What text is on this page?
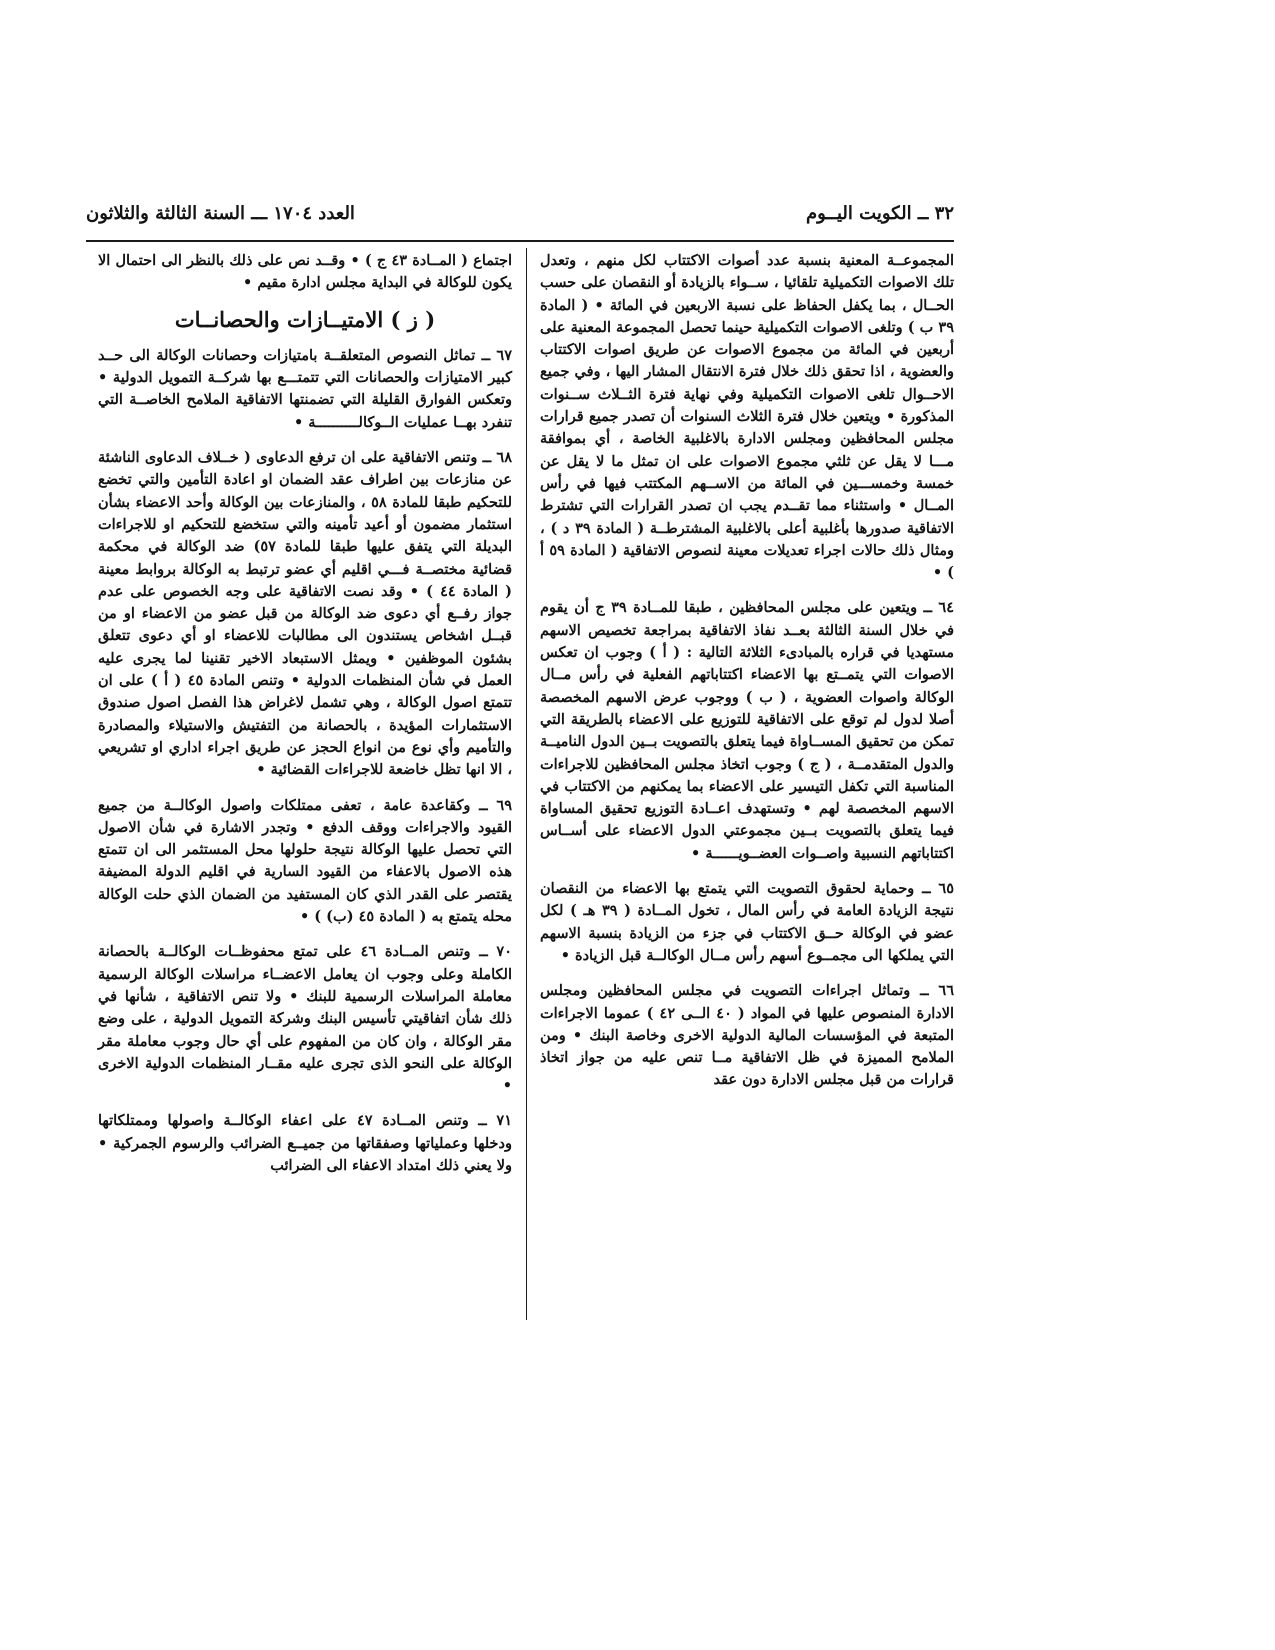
٣٢ ــ الكويت اليــوم
العدد ١٧٠٤ ـــ السنة الثالثة والثلاثون

المجموعــة المعنية بنسبة عدد أصوات الاكتتاب لكل منهم ، وتعدل تلك الاصوات التكميلية تلقائيا ، ســواء بالزيادة أو النقصان على حسب الحــال ، بما يكفل الحفاظ على نسبة الاربعين في المائة • ( المادة ٣٩ ب ) وتلغى الاصوات التكميلية حينما تحصل المجموعة المعنية على أربعين في المائة من مجموع الاصوات عن طريق اصوات الاكتتاب والعضوية ، اذا تحقق ذلك خلال فترة الانتقال المشار اليها ، وفي جميع الاحــوال تلغى الاصوات التكميلية وفي نهاية فترة الثــلاث ســنوات المذكورة • ويتعين خلال فترة الثلاث السنوات أن تصدر جميع قرارات مجلس المحافظين ومجلس الادارة بالاغلبية الخاصة ، أي بموافقة مـــا لا يقل عن ثلثي مجموع الاصوات على ان تمثل ما لا يقل عن خمسة وخمســـين في المائة من الاســهم المكتتب فيها في رأس المــال • واستثناء مما تقــدم يجب ان تصدر القرارات التي تشترط الاتفاقية صدورها بأغلبية أعلى بالاغلبية المشترطــة ( المادة ٣٩ د ) ، ومثال ذلك حالات اجراء تعديلات معينة لنصوص الاتفاقية ( المادة ٥٩ أ ) •

٦٤ ــ ويتعين على مجلس المحافظين ، طبقا للمــادة ٣٩ ج أن يقوم في خلال السنة الثالثة بعــد نفاذ الاتفاقية بمراجعة تخصيص الاسهم مستهديا في قراره بالمبادىء الثلاثة التالية : ( أ ) وجوب ان تعكس الاصوات التي يتمــتع بها الاعضاء اكتتاباتهم الفعلية في رأس مــال الوكالة واصوات العضوية ، ( ب ) ووجوب عرض الاسهم المخصصة أصلا لدول لم توقع على الاتفاقية للتوزيع على الاعضاء بالطريقة التي تمكن من تحقيق المســاواة فيما يتعلق بالتصويت بــين الدول الناميــة والدول المتقدمــة ، ( ج ) وجوب اتخاذ مجلس المحافظين للاجراءات المناسبة التي تكفل التيسير على الاعضاء بما يمكنهم من الاكتتاب في الاسهم المخصصة لهم • وتستهدف اعــادة التوزيع تحقيق المساواة فيما يتعلق بالتصويت بــين مجموعتي الدول الاعضاء على أســاس اكتتاباتهم النسبية واصــوات العضــويــــــة •

٦٥ ــ وحماية لحقوق التصويت التي يتمتع بها الاعضاء من النقصان نتيجة الزيادة العامة في رأس المال ، تخول المــادة ( ٣٩ هـ ) لكل عضو في الوكالة حــق الاكتتاب في جزء من الزيادة بنسبة الاسهم التي يملكها الى مجمــوع أسهم رأس مــال الوكالــة قبل الزيادة •

٦٦ ــ وتماثل اجراءات التصويت في مجلس المحافظين ومجلس الادارة المنصوص عليها في المواد ( ٤٠ الــى ٤٢ ) عموما الاجراءات المتبعة في المؤسسات المالية الدولية الاخرى وخاصة البنك • ومن الملامح المميزة في ظل الاتفاقية مــا تنص عليه من جواز اتخاذ قرارات من قبل مجلس الادارة دون عقد

اجتماع ( المــادة ٤٣ ج ) • وقــد نص على ذلك بالنظر الى احتمال الا يكون للوكالة في البداية مجلس ادارة مقيم •

( ز ) الامتيــازات والحصانــات

٦٧ ــ تماثل النصوص المتعلقــة بامتيازات وحصانات الوكالة الى حــد كبير الامتيازات والحصانات التي تتمتـــع بها شركــة التمويل الدولية • وتعكس الفوارق القليلة التي تضمنتها الاتفاقية الملامح الخاصــة التي تنفرد بهــا عمليات الــوكالــــــــــة •

٦٨ ــ وتنص الاتفاقية على ان ترفع الدعاوى ( خــلاف الدعاوى الناشئة عن منازعات بين اطراف عقد الضمان او اعادة التأمين والتي تخضع للتحكيم طبقا للمادة ٥٨ ، والمنازعات بين الوكالة وأحد الاعضاء بشأن استثمار مضمون أو أعيد تأمينه والتي ستخضع للتحكيم او للاجراءات البديلة التي يتفق عليها طبقا للمادة ٥٧) ضد الوكالة في محكمة قضائية مختصــة فـــي اقليم أي عضو ترتبط به الوكالة بروابط معينة ( المادة ٤٤ ) • وقد نصت الاتفاقية على وجه الخصوص على عدم جواز رفــع أي دعوى ضد الوكالة من قبل عضو من الاعضاء او من قبــل اشخاص يستندون الى مطالبات للاعضاء او أي دعوى تتعلق بشئون الموظفين • ويمثل الاستبعاد الاخير تقنينا لما يجرى عليه العمل في شأن المنظمات الدولية • وتنص المادة ٤٥ ( أ ) على ان تتمتع اصول الوكالة ، وهي تشمل لاغراض هذا الفصل اصول صندوق الاستثمارات المؤيدة ، بالحصانة من التفتيش والاستيلاء والمصادرة والتأميم وأي نوع من انواع الحجز عن طريق اجراء اداري او تشريعي ، الا انها تظل خاضعة للاجراءات القضائية •

٦٩ ــ وكقاعدة عامة ، تعفى ممتلكات واصول الوكالــة من جميع القيود والاجراءات ووقف الدفع • وتجدر الاشارة في شأن الاصول التي تحصل عليها الوكالة نتيجة حلولها محل المستثمر الى ان تتمتع هذه الاصول بالاعفاء من القيود السارية في اقليم الدولة المضيفة يقتصر على القدر الذي كان المستفيد من الضمان الذي حلت الوكالة محله يتمتع به ( المادة ٤٥ (ب) ) •

٧٠ ــ وتنص المــادة ٤٦ على تمتع محفوظــات الوكالــة بالحصانة الكاملة وعلى وجوب ان يعامل الاعضــاء مراسلات الوكالة الرسمية معاملة المراسلات الرسمية للبنك • ولا تنص الاتفاقية ، شأنها في ذلك شأن اتفاقيتي تأسيس البنك وشركة التمويل الدولية ، على وضع مقر الوكالة ، وان كان من المفهوم على أي حال وجوب معاملة مقر الوكالة على النحو الذى تجرى عليه مقــار المنظمات الدولية الاخرى •

٧١ ــ وتنص المــادة ٤٧ على اعفاء الوكالــة واصولها وممتلكاتها ودخلها وعملياتها وصفقاتها من جميــع الضرائب والرسوم الجمركية • ولا يعني ذلك امتداد الاعفاء الى الضرائب
